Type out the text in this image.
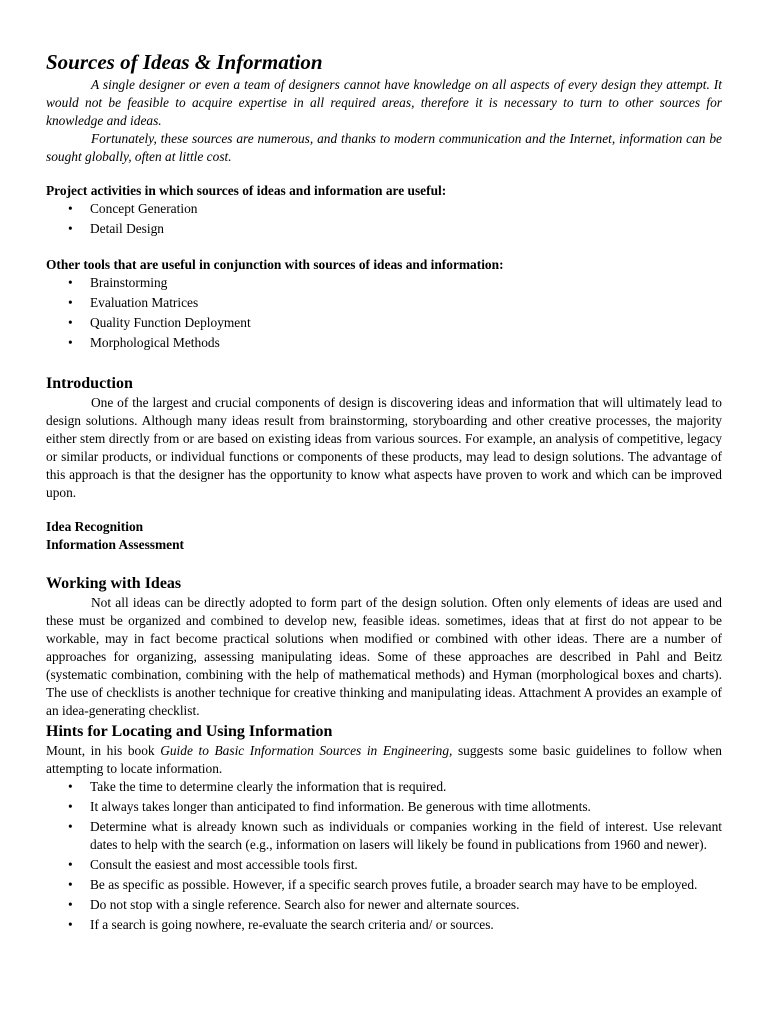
Sources of Ideas & Information

A single designer or even a team of designers cannot have knowledge on all aspects of every design they attempt. It would not be feasible to acquire expertise in all required areas, therefore it is necessary to turn to other sources for knowledge and ideas.

Fortunately, these sources are numerous, and thanks to modern communication and the Internet, information can be sought globally, often at little cost.

Project activities in which sources of ideas and information are useful:

• Concept Generation
• Detail Design

Other tools that are useful in conjunction with sources of ideas and information:

• Brainstorming
• Evaluation Matrices
• Quality Function Deployment
• Morphological Methods
Introduction

One of the largest and crucial components of design is discovering ideas and information that will ultimately lead to design solutions. Although many ideas result from brainstorming, storyboarding and other creative processes, the majority either stem directly from or are based on existing ideas from various sources. For example, an analysis of competitive, legacy or similar products, or individual functions or components of these products, may lead to design solutions. The advantage of this approach is that the designer has the opportunity to know what aspects have proven to work and which can be improved upon.

Idea Recognition

Information Assessment

Working with Ideas

Not all ideas can be directly adopted to form part of the design solution. Often only elements of ideas are used and these must be organized and combined to develop new, feasible ideas. sometimes, ideas that at first do not appear to be workable, may in fact become practical solutions when modified or combined with other ideas. There are a number of approaches for organizing, assessing manipulating ideas. Some of these approaches are described in Pahl and Beitz (systematic combination, combining with the help of mathematical methods) and Hyman (morphological boxes and charts). The use of checklists is another technique for creative thinking and manipulating ideas. Attachment A provides an example of an idea-generating checklist.

Hints for Locating and Using Information

Mount, in his book Guide to Basic Information Sources in Engineering, suggests some basic guidelines to follow when attempting to locate information.

• Take the time to determine clearly the information that is required.
• It always takes longer than anticipated to find information. Be generous with time allotments.
• Determine what is already known such as individuals or companies working in the field of interest. Use relevant dates to help with the search (e.g., information on lasers will likely be found in publications from 1960 and newer).
• Consult the easiest and most accessible tools first.
• Be as specific as possible. However, if a specific search proves futile, a broader search may have to be employed.
• Do not stop with a single reference. Search also for newer and alternate sources.
• If a search is going nowhere, re-evaluate the search criteria and/ or sources.
